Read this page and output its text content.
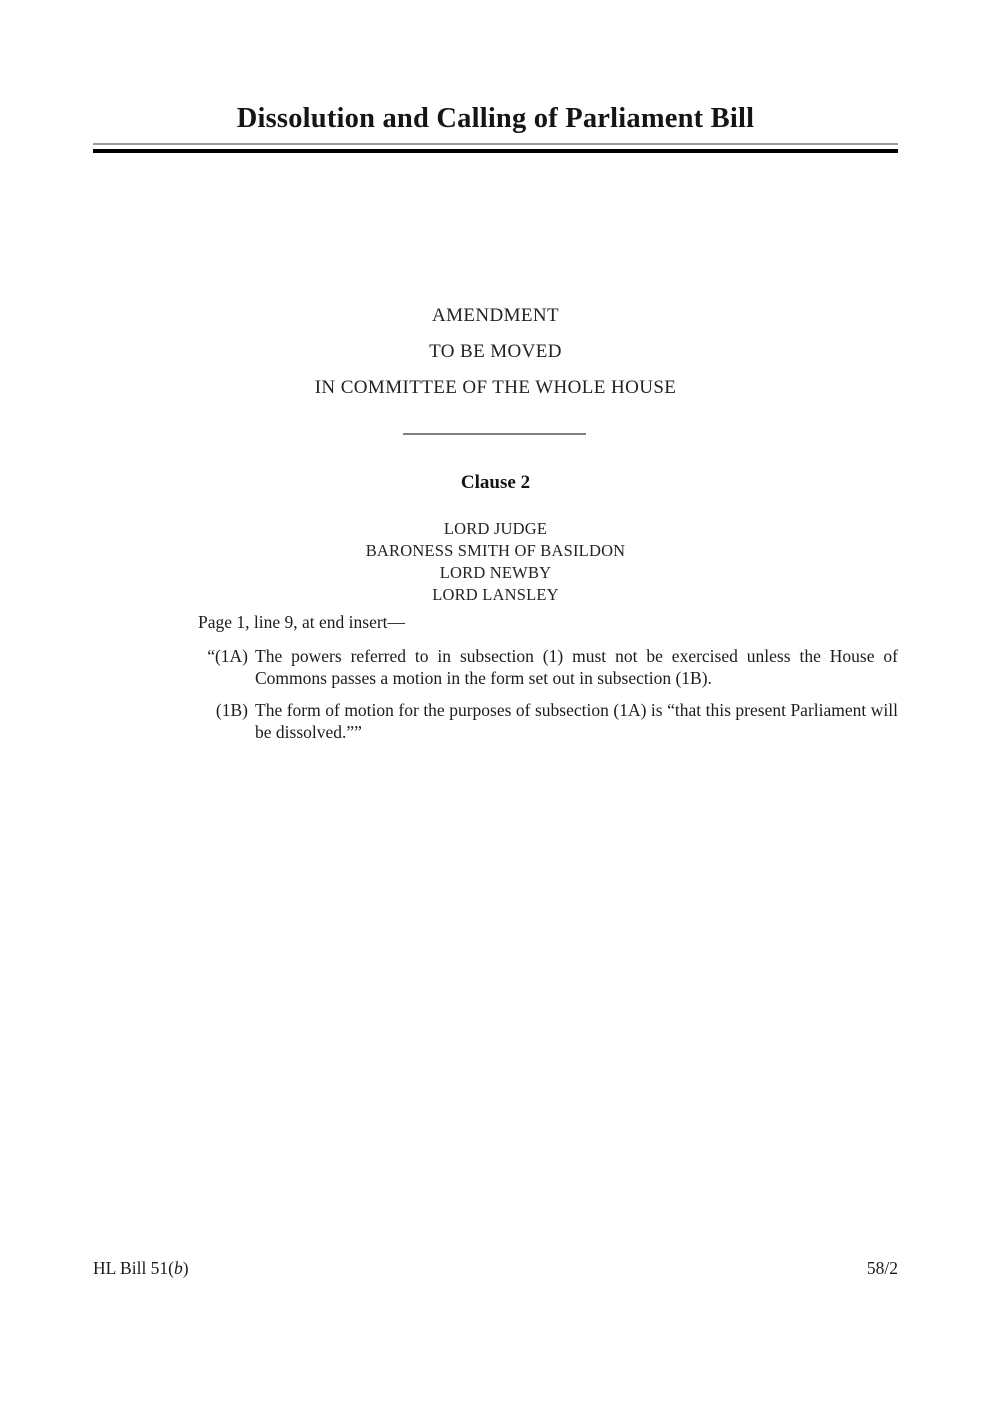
Dissolution and Calling of Parliament Bill
AMENDMENT
TO BE MOVED
IN COMMITTEE OF THE WHOLE HOUSE
Clause 2
LORD JUDGE
BARONESS SMITH OF BASILDON
LORD NEWBY
LORD LANSLEY
Page 1, line 9, at end insert—
“(1A) The powers referred to in subsection (1) must not be exercised unless the House of Commons passes a motion in the form set out in subsection (1B).
(1B) The form of motion for the purposes of subsection (1A) is “that this present Parliament will be dissolved.””
HL Bill 51(b)	58/2
